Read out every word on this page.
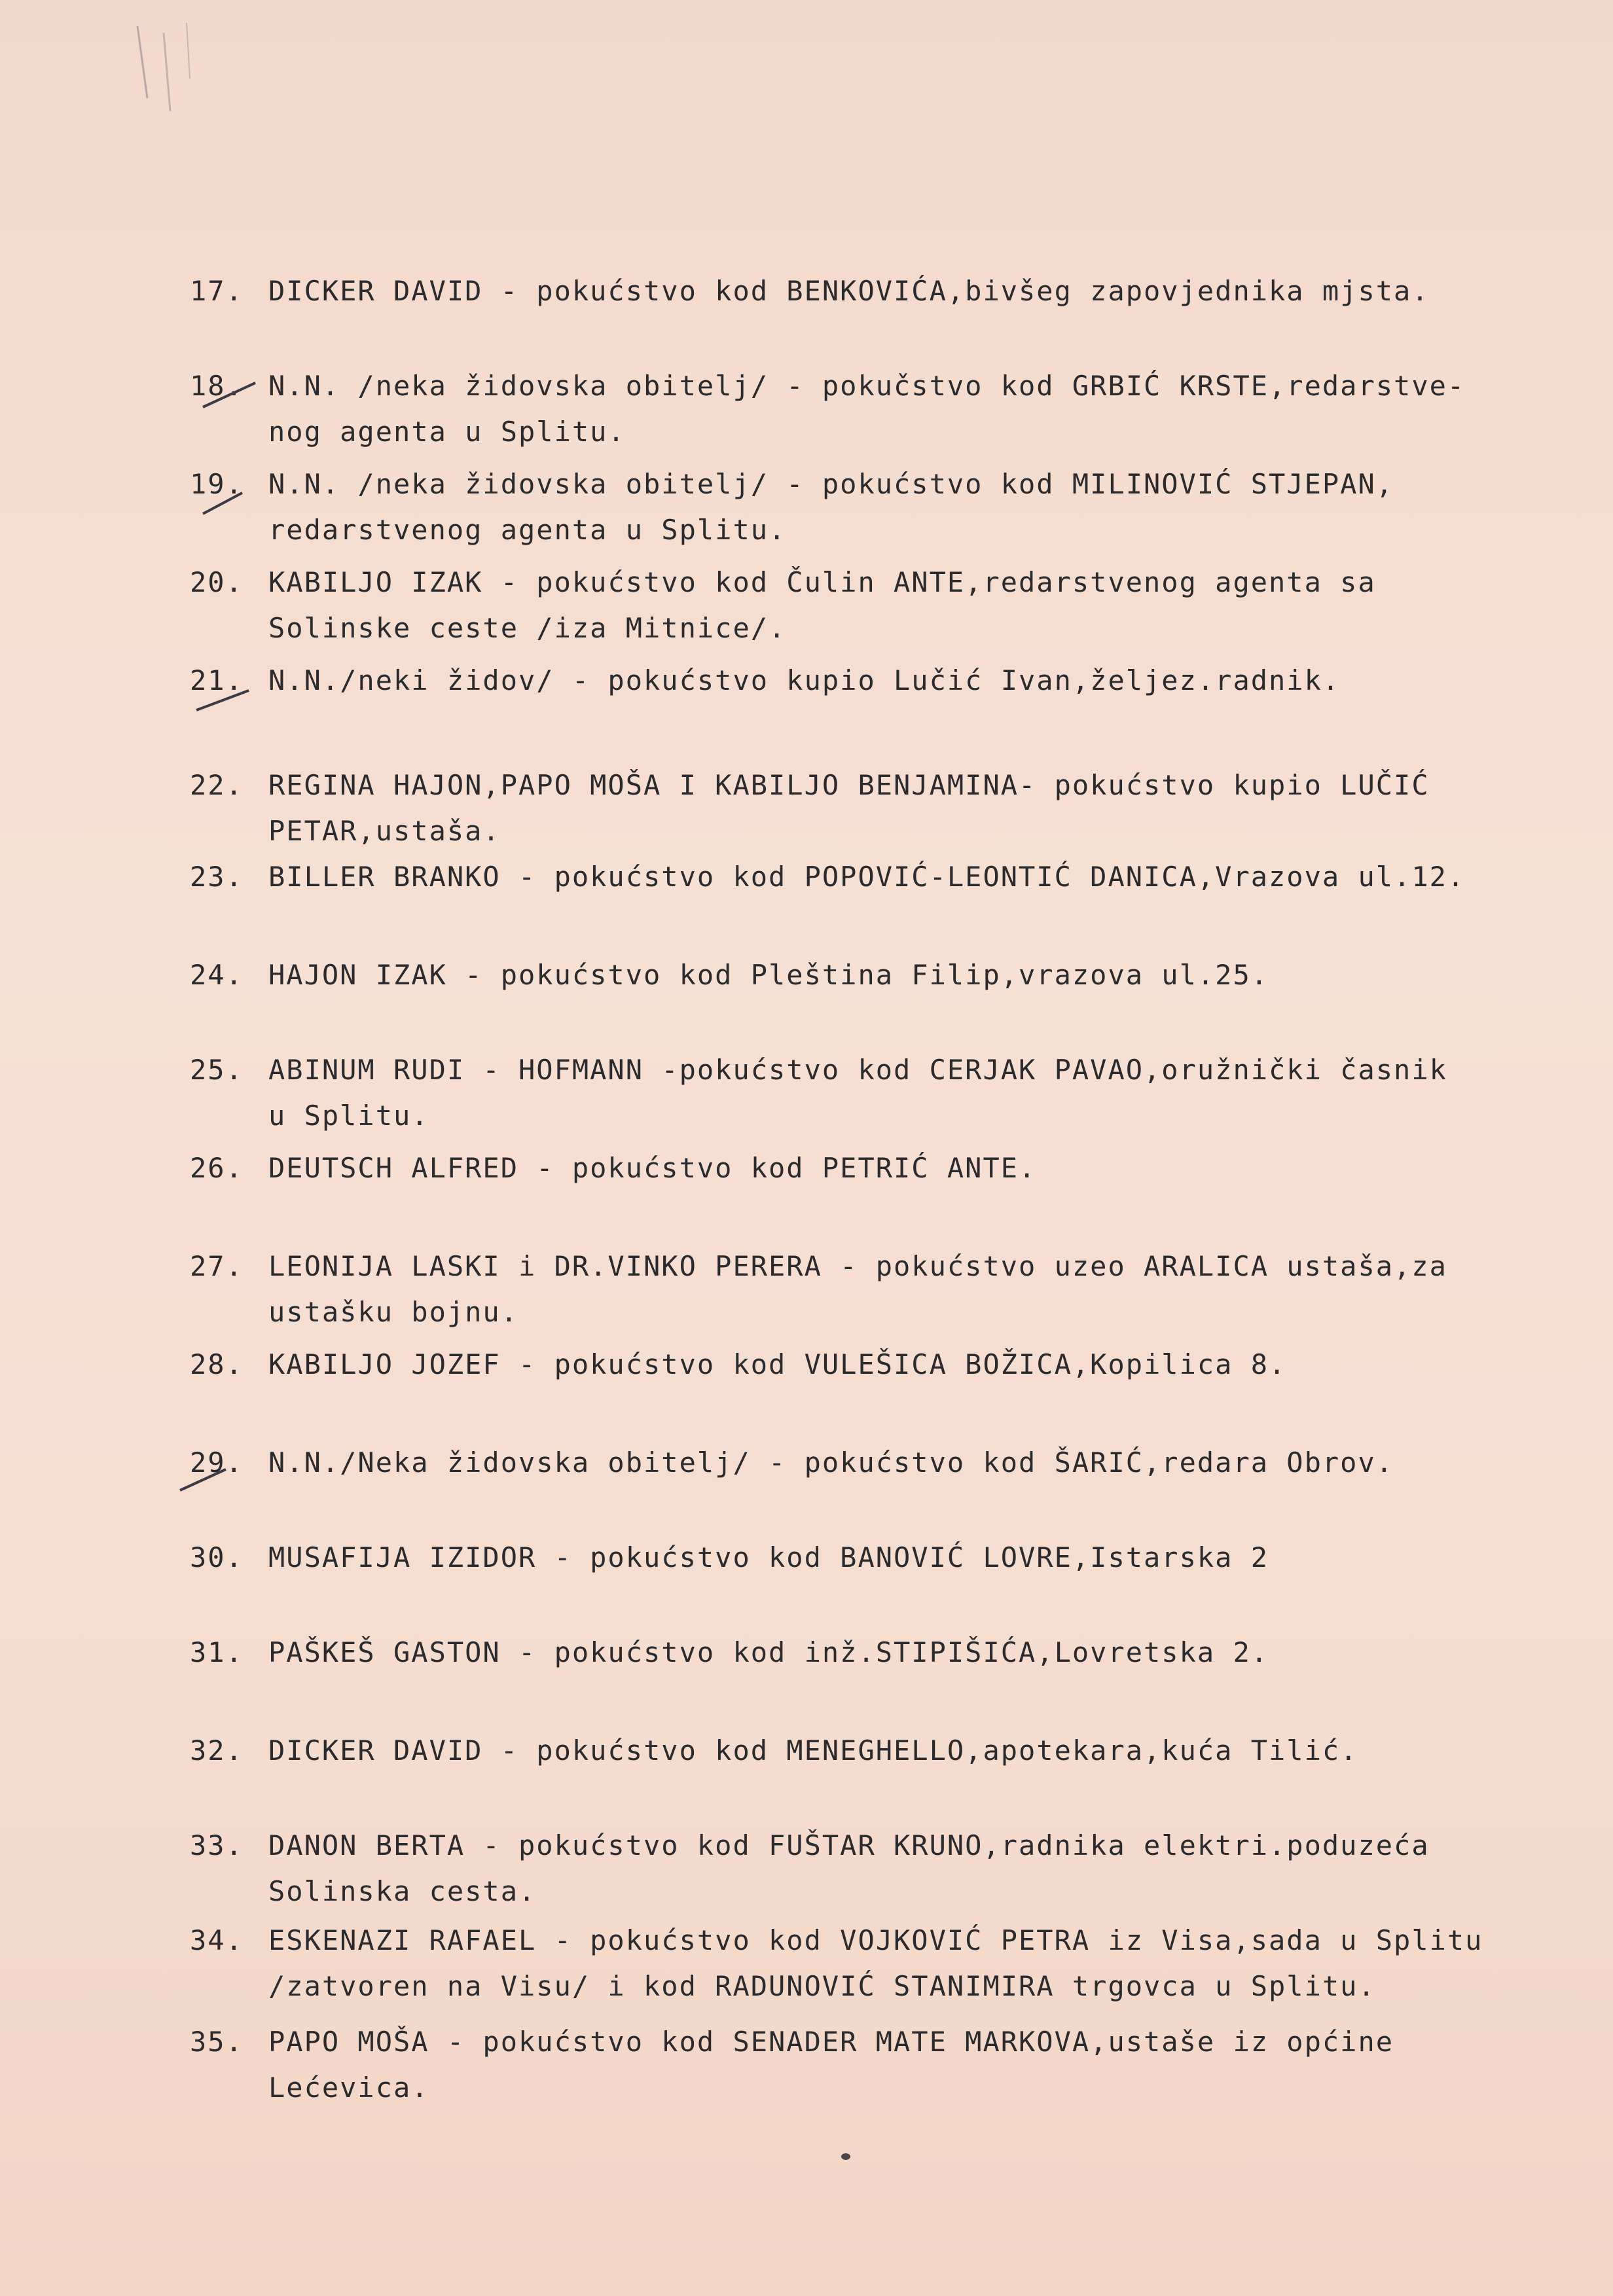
17. DICKER DAVID - pokućstvo kod BENKOVIĆA,bivšeg zapovjednika mjsta.
18. N.N. /neka židovska obitelj/ - pokučstvo kod GRBIĆ KRSTE,redarstve-
nog agenta u Splitu.
19. N.N. /neka židovska obitelj/ - pokućstvo kod MILINOVIĆ STJEPAN,
redarstvenog agenta u Splitu.
20. KABILJO IZAK - pokućstvo kod Čulin ANTE,redarstvenog agenta sa
Solinske ceste /iza Mitnice/.
21. N.N./neki židov/ - pokućstvo kupio Lučić Ivan,željez.radnik.
22. REGINA HAJON,PAPO MOŠA I KABILJO BENJAMINA- pokućstvo kupio LUČIĆ
PETAR,ustaša.
23. BILLER BRANKO - pokućstvo kod POPOVIĆ-LEONTIĆ DANICA,Vrazova ul.12.
24. HAJON IZAK - pokućstvo kod Pleština Filip,vrazova ul.25.
25. ABINUM RUDI - HOFMANN -pokućstvo kod CERJAK PAVAO,oružnički časnik
u Splitu.
26. DEUTSCH ALFRED - pokućstvo kod PETRIĆ ANTE.
27. LEONIJA LASKI i DR.VINKO PERERA - pokućstvo uzeo ARALICA ustaša,za
ustašku bojnu.
28. KABILJO JOZEF - pokućstvo kod VULEŠICA BOŽICA,Kopilica 8.
29. N.N./Neka židovska obitelj/ - pokućstvo kod ŠARIĆ,redara Obrov.
30. MUSAFIJA IZIDOR - pokućstvo kod BANOVIĆ LOVRE,Istarska 2
31. PAŠKEŠ GASTON - pokućstvo kod inž.STIPIŠIĆA,Lovretska 2.
32. DICKER DAVID - pokućstvo kod MENEGHELLO,apotekara,kuća Tilić.
33. DANON BERTA - pokućstvo kod FUŠTAR KRUNO,radnika elektri.poduzeća
Solinska cesta.
34. ESKENAZI RAFAEL - pokućstvo kod VOJKOVIĆ PETRA iz Visa,sada u Splitu
/zatvoren na Visu/ i kod RADUNOVIĆ STANIMIRA trgovca u Splitu.
35. PAPO MOŠA - pokućstvo kod SENADER MATE MARKOVA,ustaše iz općine
Lećevica.
